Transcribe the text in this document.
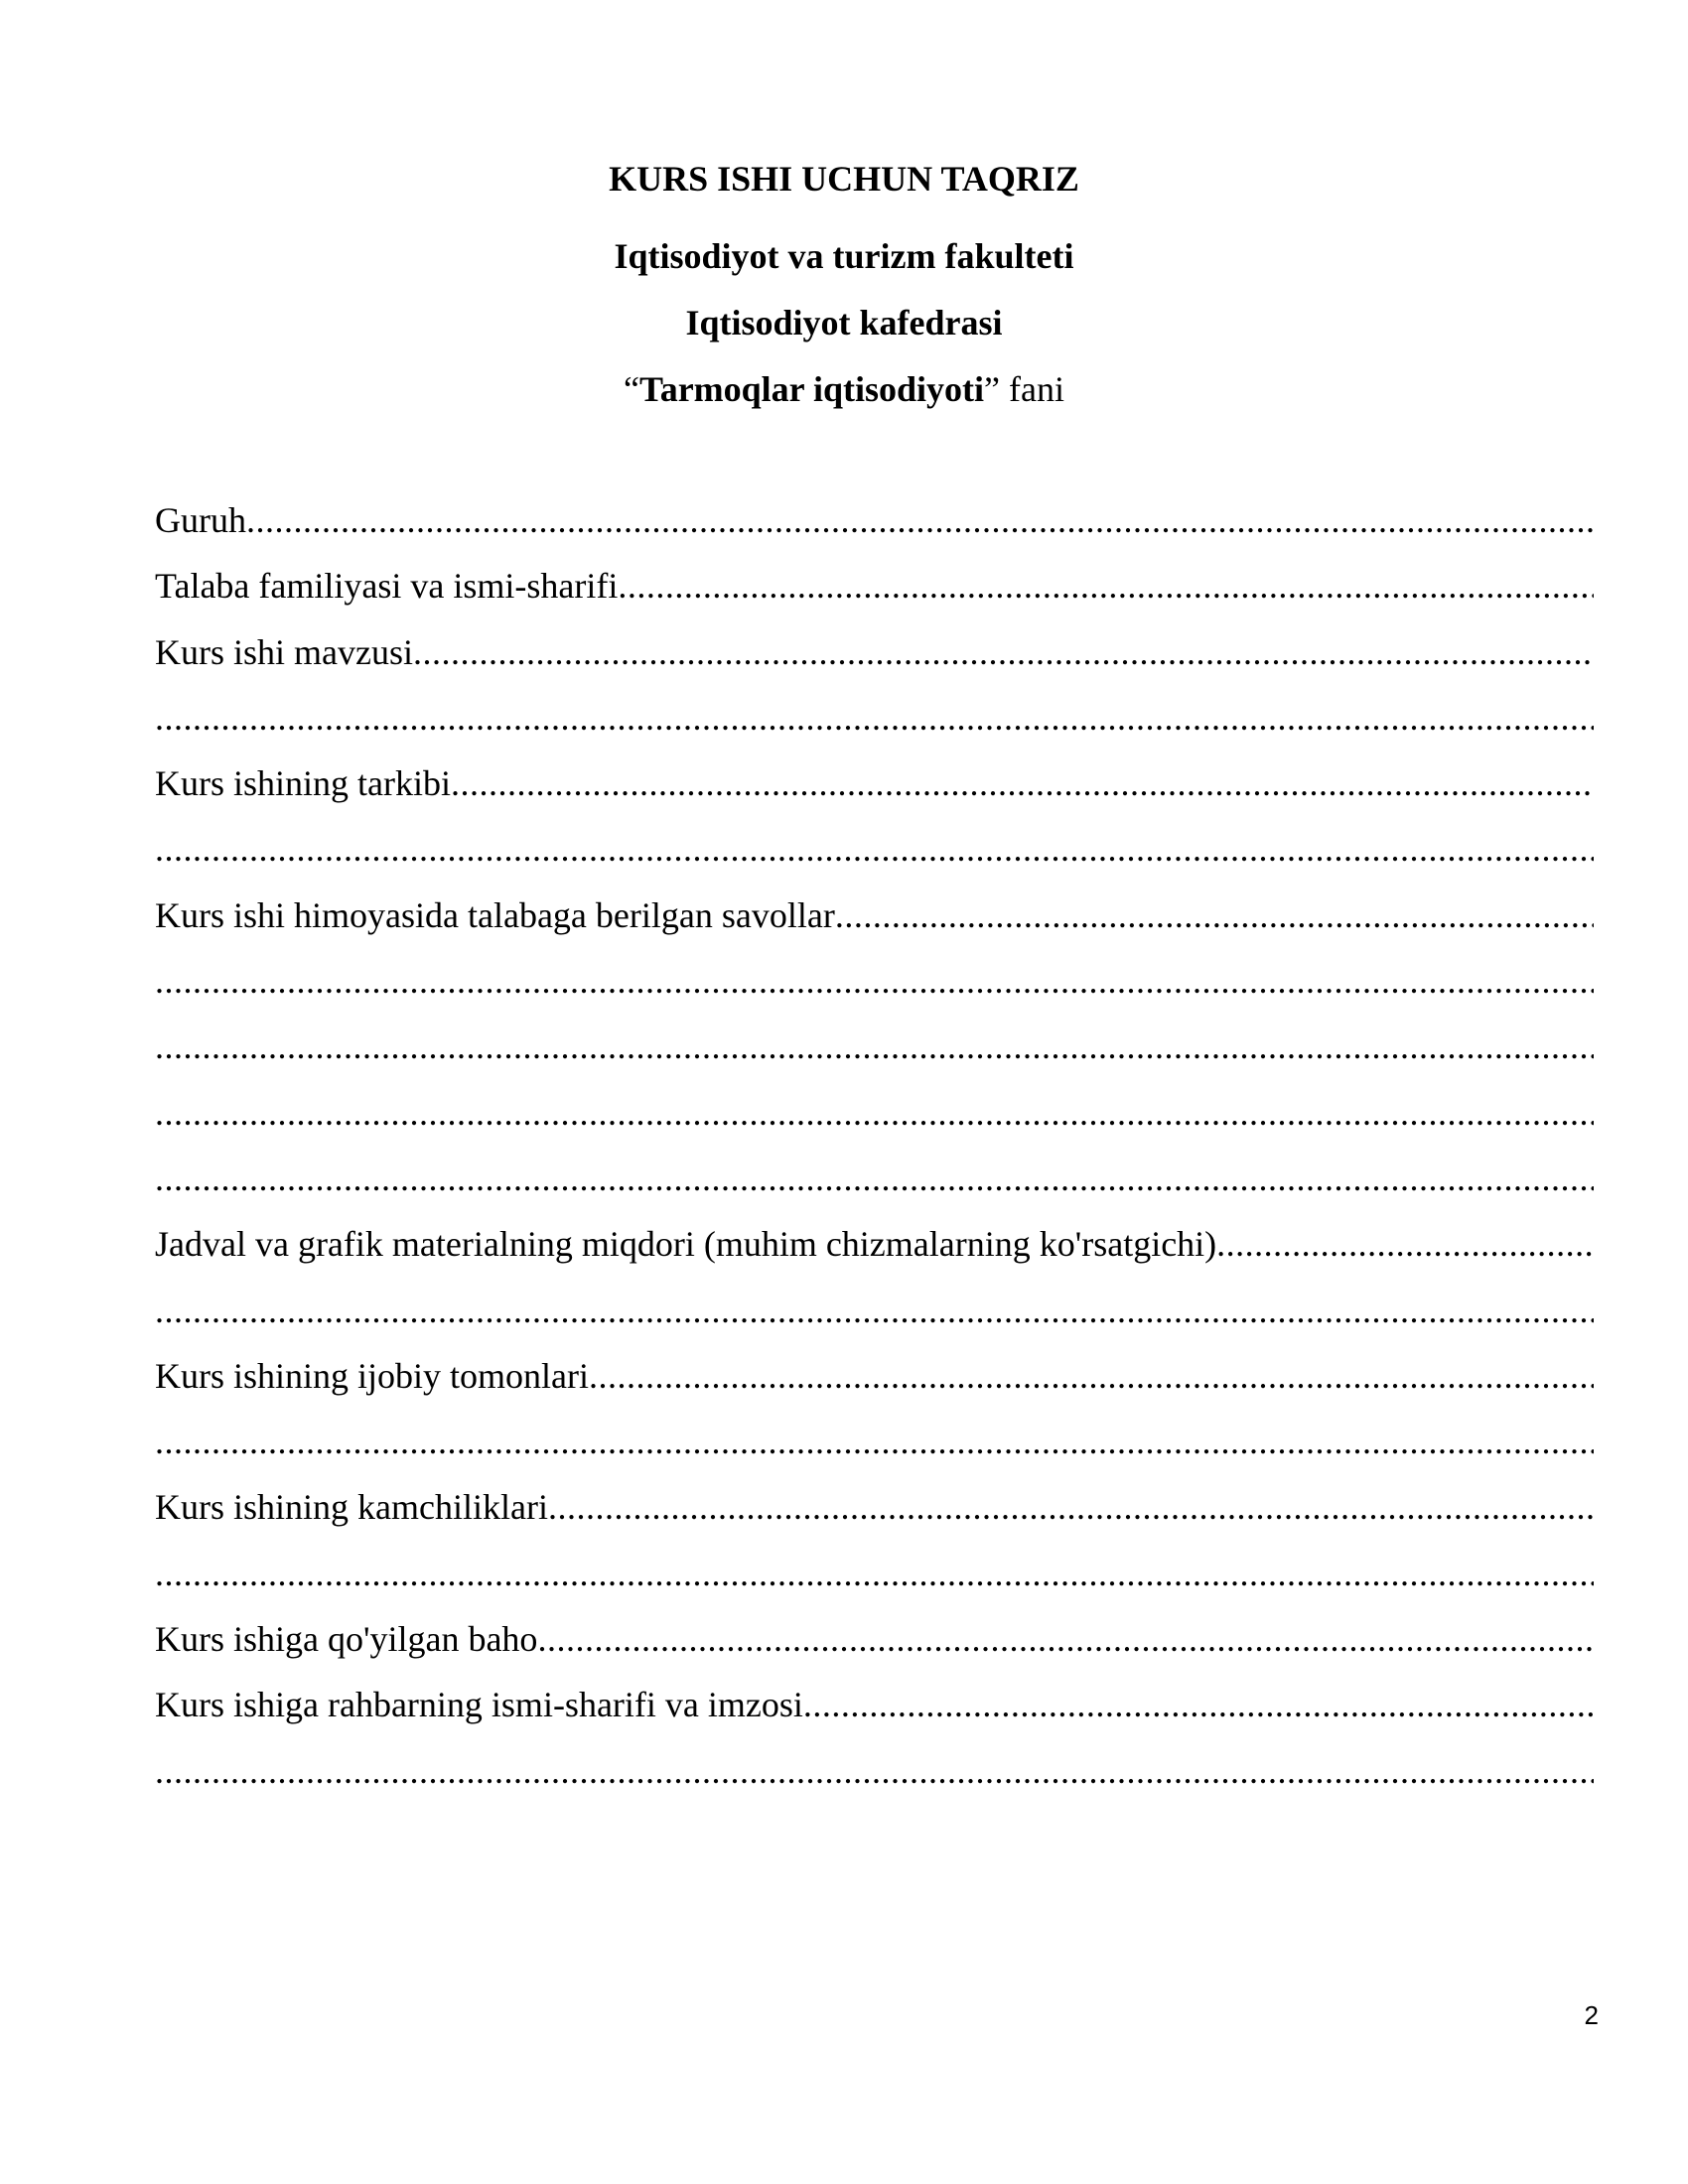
KURS ISHI UCHUN TAQRIZ
Iqtisodiyot va turizm fakulteti
Iqtisodiyot kafedrasi
“Tarmoqlar iqtisodiyoti” fani
Guruh
.....
Talaba familiyasi va ismi-sharifi
.....
Kurs ishi mavzusi
.....
.....
Kurs ishining tarkibi
.....
.....
Kurs ishi himoyasida talabaga berilgan savollar
.....
.....
.....
.....
.....
Jadval va grafik materialning miqdori (muhim chizmalarning ko'rsatgichi)
.....
.....
Kurs ishining ijobiy tomonlari
.....
.....
Kurs ishining kamchiliklari
.....
.....
Kurs ishiga qo'yilgan baho
.....
Kurs ishiga rahbarning ismi-sharifi va imzosi
.....
.....
2
